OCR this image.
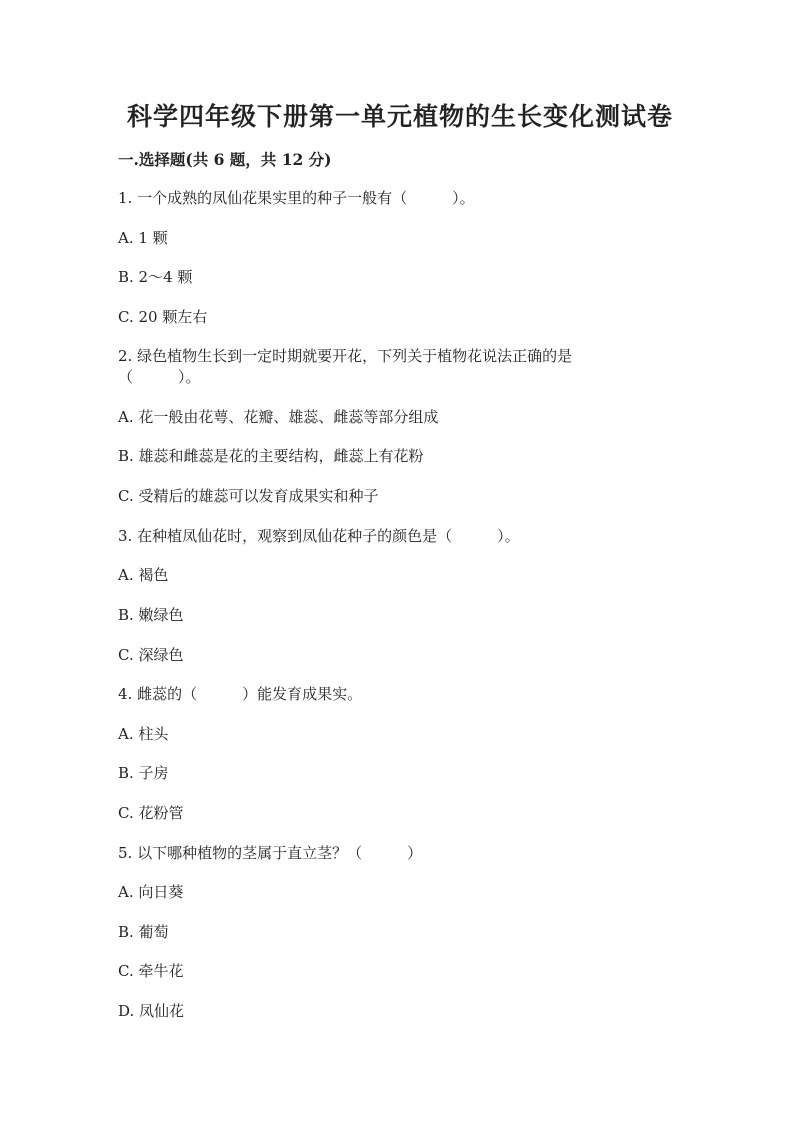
科学四年级下册第一单元植物的生长变化测试卷
一.选择题(共 6 题，共 12 分)
1. 一个成熟的凤仙花果实里的种子一般有（　　　）。
A. 1 颗
B. 2～4 颗
C. 20 颗左右
2. 绿色植物生长到一定时期就要开花，下列关于植物花说法正确的是
（　　　）。
A. 花一般由花萼、花瓣、雄蕊、雌蕊等部分组成
B. 雄蕊和雌蕊是花的主要结构，雌蕊上有花粉
C. 受精后的雄蕊可以发育成果实和种子
3. 在种植凤仙花时，观察到凤仙花种子的颜色是（　　　）。
A. 褐色
B. 嫩绿色
C. 深绿色
4. 雌蕊的（　　　）能发育成果实。
A. 柱头
B. 子房
C. 花粉管
5. 以下哪种植物的茎属于直立茎？（　　　）
A. 向日葵
B. 葡萄
C. 牵牛花
D. 凤仙花
